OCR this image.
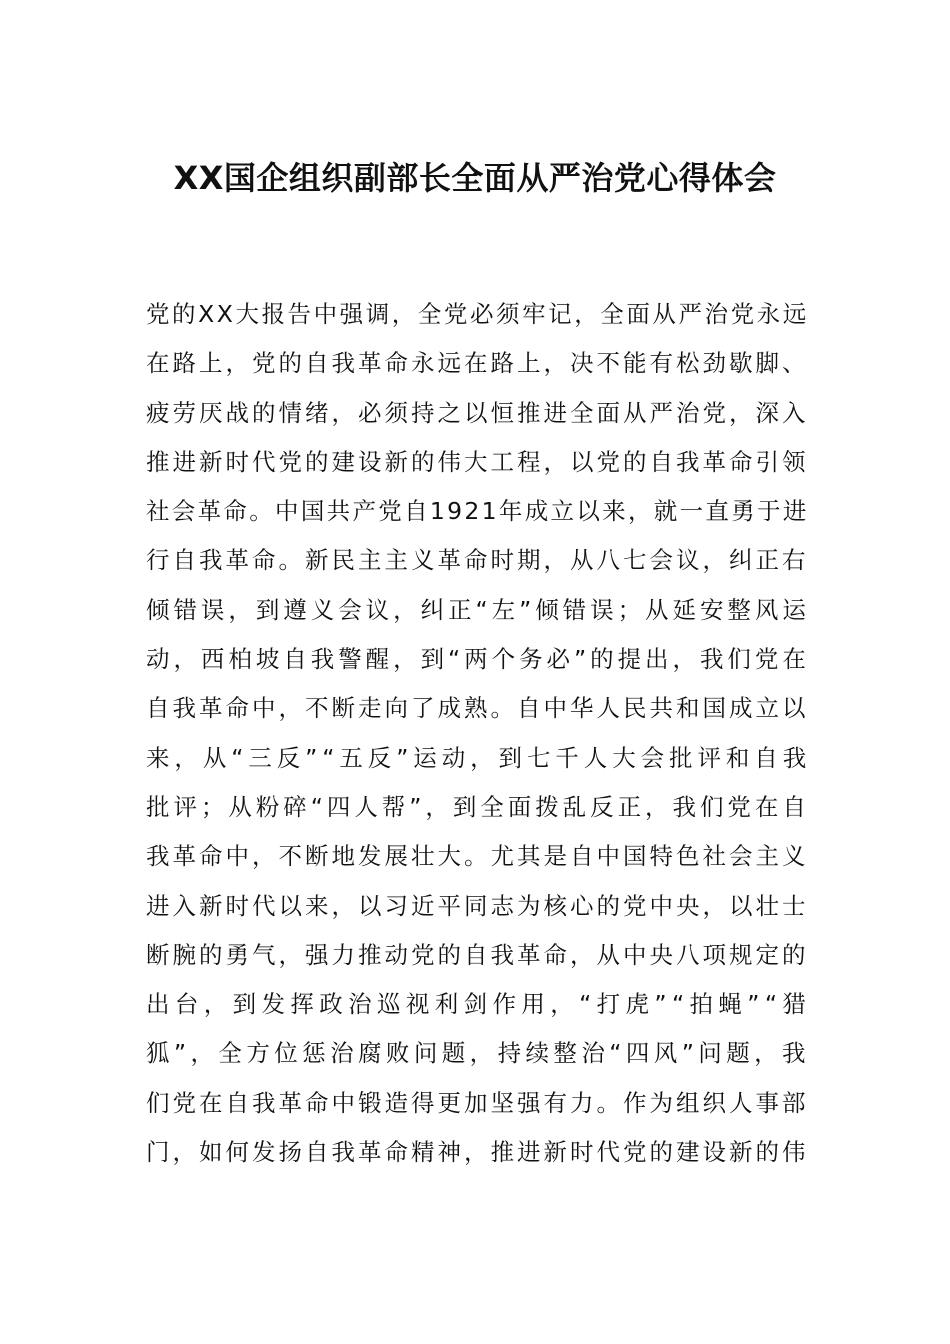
XX国企组织副部长全面从严治党心得体会
党的XX大报告中强调，全党必须牢记，全面从严治党永远
在路上，党的自我革命永远在路上，决不能有松劲歇脚、
疲劳厌战的情绪，必须持之以恒推进全面从严治党，深入
推进新时代党的建设新的伟大工程，以党的自我革命引领
社会革命。中国共产党自1921年成立以来，就一直勇于进
行自我革命。新民主主义革命时期，从八七会议，纠正右
倾错误，到遵义会议，纠正“左”倾错误；从延安整风运
动，西柏坡自我警醒，到“两个务必”的提出，我们党在
自我革命中，不断走向了成熟。自中华人民共和国成立以
来，从“三反”“五反”运动，到七千人大会批评和自我
批评；从粉碎“四人帮”，到全面拨乱反正，我们党在自
我革命中，不断地发展壮大。尤其是自中国特色社会主义
进入新时代以来，以习近平同志为核心的党中央，以壮士
断腕的勇气，强力推动党的自我革命，从中央八项规定的
出台，到发挥政治巡视利剑作用，“打虎”“拍蝇”“猎
狐”，全方位惩治腐败问题，持续整治“四风”问题，我
们党在自我革命中锻造得更加坚强有力。作为组织人事部
门，如何发扬自我革命精神，推进新时代党的建设新的伟
